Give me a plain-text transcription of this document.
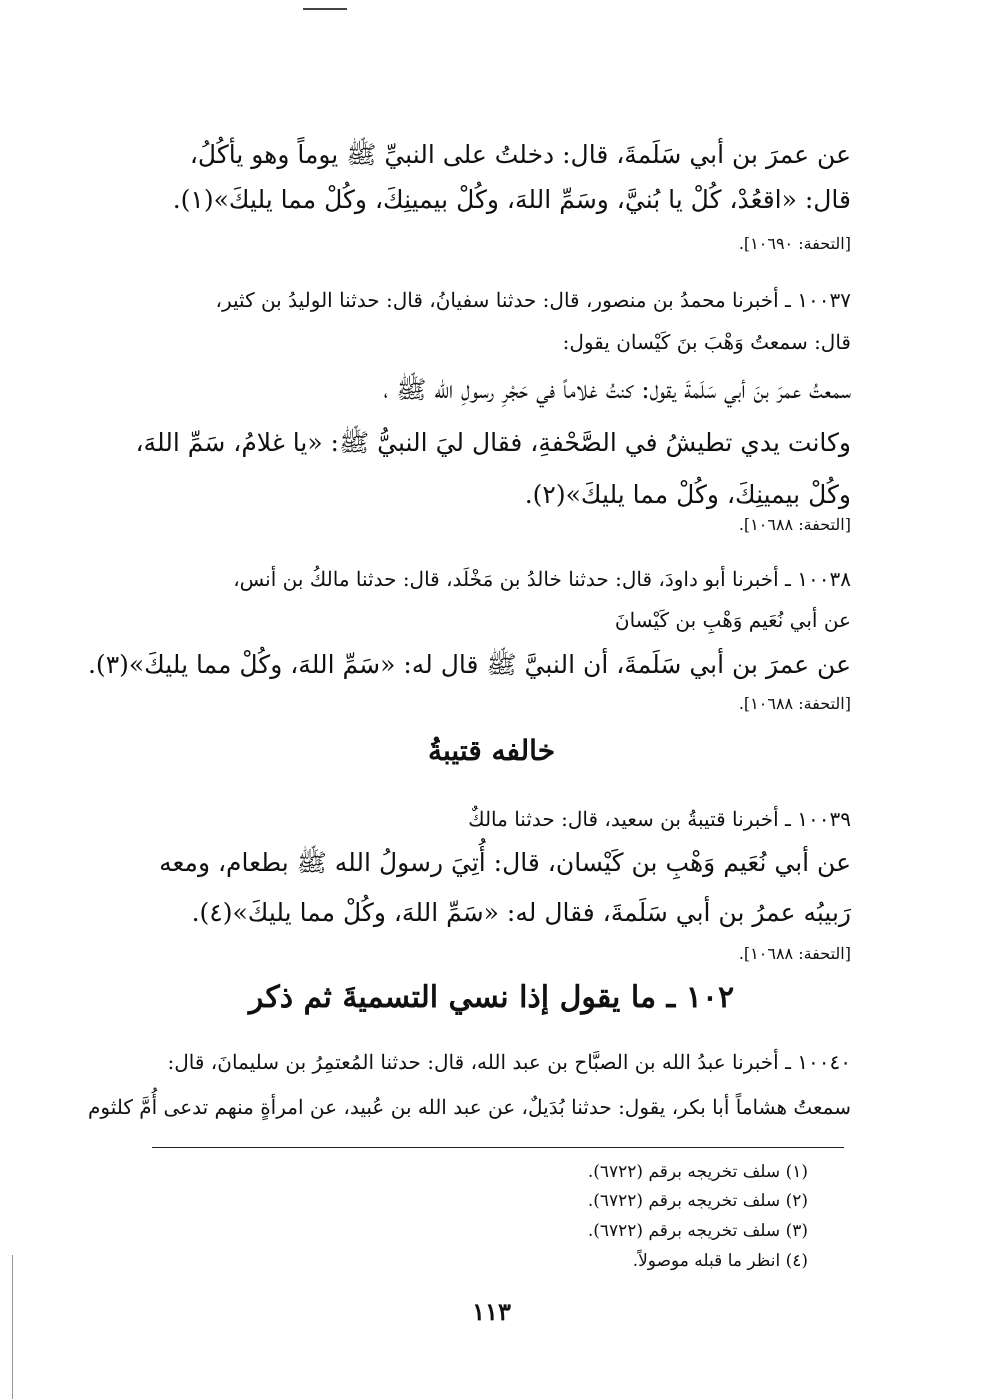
عن عمرَ بن أبي سَلَمةَ، قال: دخلتُ على النبيِّ ﷺ يوماً وهو يأكُلُ،
قال: «اقعُدْ، كُلْ يا بُنيَّ، وسَمِّ اللهَ، وكُلْ بيمينِكَ، وكُلْ مما يليكَ»(١).
[التحفة: ١٠٦٩٠].
١٠٠٣٧ ـ أخبرنا محمدُ بن منصور، قال: حدثنا سفيانُ، قال: حدثنا الوليدُ بن كثير،
قال: سمعتُ وَهْبَ بنَ كَيْسان يقول:
سمعتُ عمرَ بنَ أبي سَلَمةَ يقول: كنتُ غلاماً في حَجْرِ رسولِ الله ﷺ ،
وكانت يدي تطيشُ في الصَّحْفةِ، فقال ليَ النبيُّ ﷺ: «يا غلامُ، سَمِّ اللهَ،
وكُلْ بيمينِكَ، وكُلْ مما يليكَ»(٢).
[التحفة: ١٠٦٨٨].
١٠٠٣٨ ـ أخبرنا أبو داودَ، قال: حدثنا خالدُ بن مَخْلَد، قال: حدثنا مالكُ بن أنس،
عن أبي نُعَيم وَهْبِ بن كَيْسانَ
عن عمرَ بن أبي سَلَمةَ، أن النبيَّ ﷺ قال له: «سَمِّ اللهَ، وكُلْ مما يليكَ»(٣).
[التحفة: ١٠٦٨٨].
خالفه قتيبةُ
١٠٠٣٩ ـ أخبرنا قتيبةُ بن سعيد، قال: حدثنا مالكٌ
عن أبي نُعَيم وَهْبِ بن كَيْسان، قال: أُتِيَ رسولُ الله ﷺ بطعام، ومعه
رَبيبُه عمرُ بن أبي سَلَمةَ، فقال له: «سَمِّ اللهَ، وكُلْ مما يليكَ»(٤).
[التحفة: ١٠٦٨٨].
١٠٢ ـ ما يقول إذا نسي التسميةَ ثم ذكر
١٠٠٤٠ ـ أخبرنا عبدُ الله بن الصبَّاح بن عبد الله، قال: حدثنا المُعتمِرُ بن سليمانَ، قال:
سمعتُ هشاماً أبا بكر، يقول: حدثنا بُدَيلٌ، عن عبد الله بن عُبيد، عن امرأةٍ منهم تدعى أُمَّ كلثوم
(١) سلف تخريجه برقم (٦٧٢٢).
(٢) سلف تخريجه برقم (٦٧٢٢).
(٣) سلف تخريجه برقم (٦٧٢٢).
(٤) انظر ما قبله موصولاً.
١١٣
